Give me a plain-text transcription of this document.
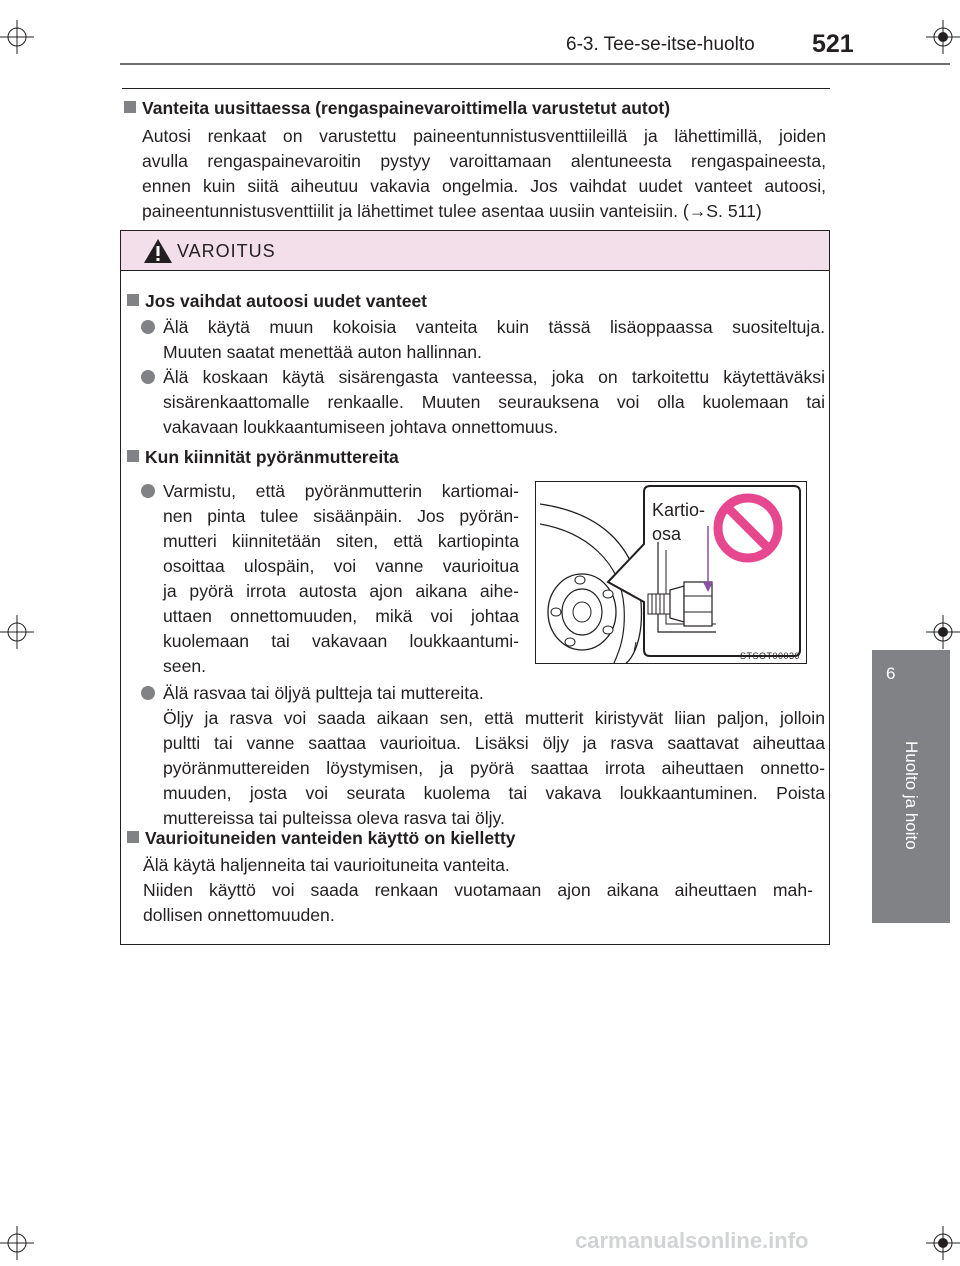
6-3. Tee-se-itse-huolto 521
6
Huolto ja hoito
Vanteita uusittaessa (rengaspainevaroittimella varustetut autot)
Autosi renkaat on varustettu paineentunnistusventtiileillä ja lähettimillä, joiden
avulla rengaspainevaroitin pystyy varoittamaan alentuneesta rengaspaineesta,
ennen kuin siitä aiheutuu vakavia ongelmia. Jos vaihdat uudet vanteet autoosi,
paineentunnistusventtiilit ja lähettimet tulee asentaa uusiin vanteisiin. (→S. 511)
VAROITUS
Jos vaihdat autoosi uudet vanteet
Älä käytä muun kokoisia vanteita kuin tässä lisäoppaassa suositeltuja.
Muuten saatat menettää auton hallinnan.
Älä koskaan käytä sisärengasta vanteessa, joka on tarkoitettu käytettäväksi
sisärenkaattomalle renkaalle. Muuten seurauksena voi olla kuolemaan tai
vakavaan loukkaantumiseen johtava onnettomuus.
Kun kiinnität pyöränmuttereita
Varmistu, että pyöränmutterin kartiomai-
nen pinta tulee sisäänpäin. Jos pyörän-
mutteri kiinnitetään siten, että kartiopinta
osoittaa ulospäin, voi vanne vaurioitua
ja pyörä irrota autosta ajon aikana aihe-
uttaen onnettomuuden, mikä voi johtaa
kuolemaan tai vakavaan loukkaantumi-
seen.
Älä rasvaa tai öljyä pultteja tai muttereita.
Öljy ja rasva voi saada aikaan sen, että mutterit kiristyvät liian paljon, jolloin
pultti tai vanne saattaa vaurioitua. Lisäksi öljy ja rasva saattavat aiheuttaa
pyöränmuttereiden löystymisen, ja pyörä saattaa irrota aiheuttaen onnetto-
muuden, josta voi seurata kuolema tai vakava loukkaantuminen. Poista
muttereissa tai pulteissa oleva rasva tai öljy.
Vaurioituneiden vanteiden käyttö on kielletty
Älä käytä haljenneita tai vaurioituneita vanteita.
Niiden käyttö voi saada renkaan vuotamaan ajon aikana aiheuttaen mah-
dollisen onnettomuuden.
Kartio-
osa
STSOT00030
carmanualsonline.info
